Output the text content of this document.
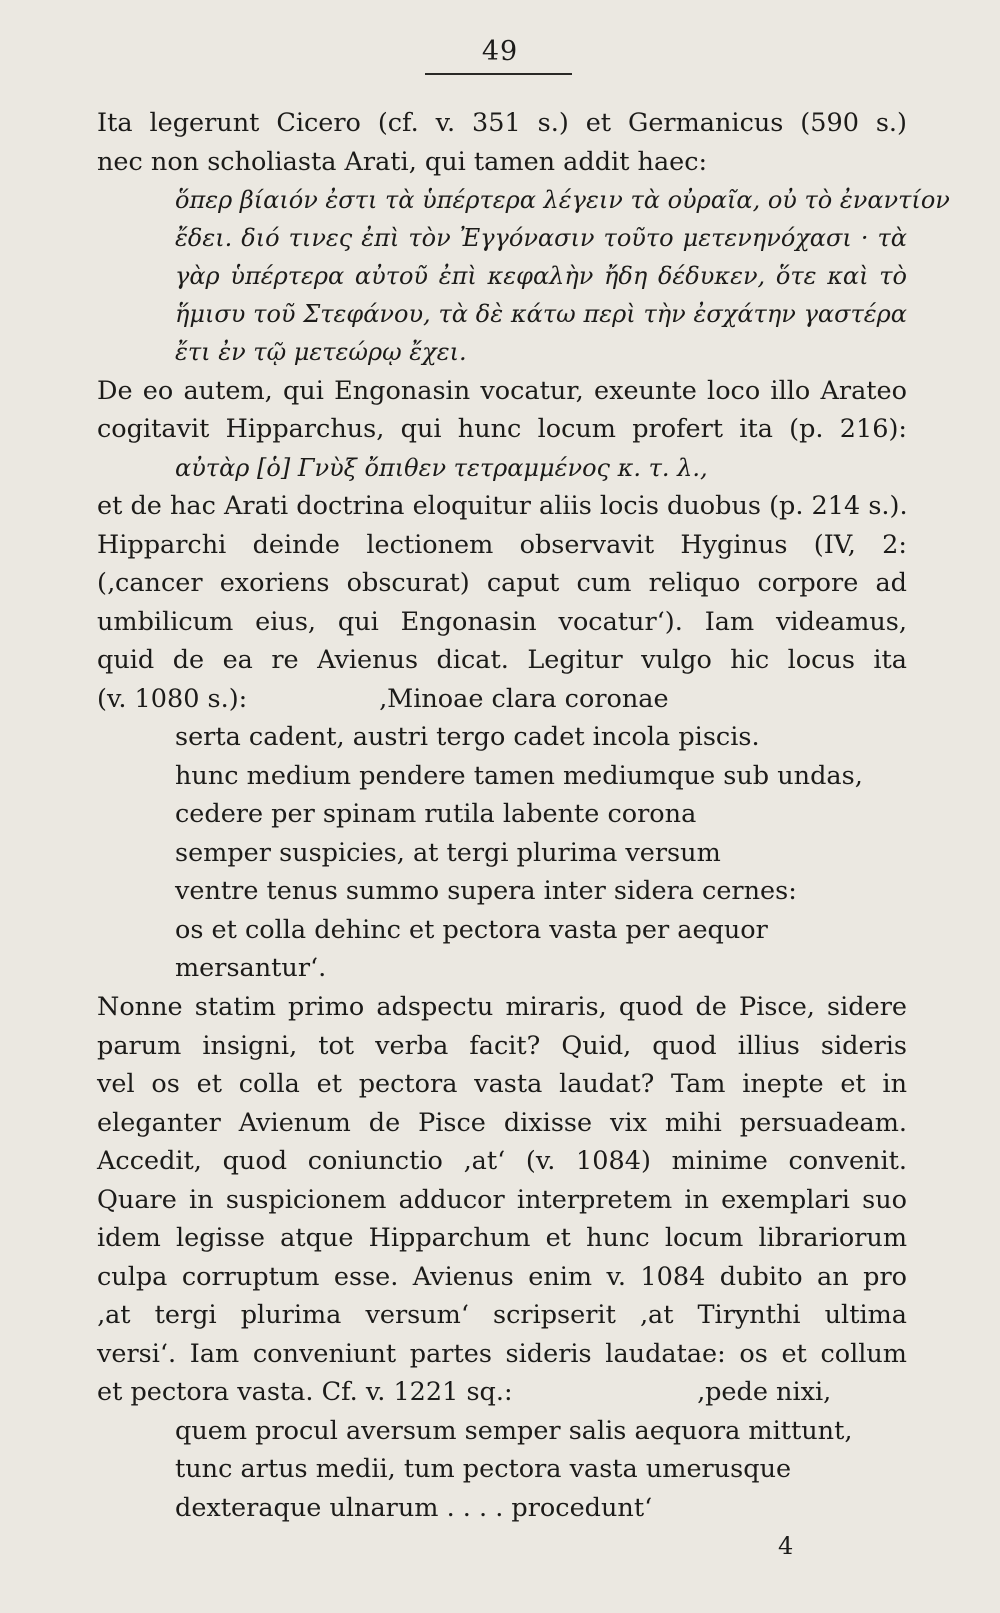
49
Ita legerunt Cicero (cf. v. 351 s.) et Germanicus (590 s.)
nec non scholiasta Arati, qui tamen addit haec:
ὅπερ βίαιόν ἐστι τὰ ὑπέρτερα λέγειν τὰ οὐραῖα, οὐ τὸ ἐναντίον
ἔδει. διό τινες ἐπὶ τὸν Ἐγγόνασιν τοῦτο μετενηνόχασι · τὰ
γὰρ ὑπέρτερα αὐτοῦ ἐπὶ κεφαλὴν ἤδη δέδυκεν, ὅτε καὶ τὸ
ἥμισυ τοῦ Στεφάνου, τὰ δὲ κάτω περὶ τὴν ἐσχάτην γαστέρα
ἔτι ἐν τῷ μετεώρῳ ἔχει.
De eo autem, qui Engonasin vocatur, exeunte loco illo Arateo
cogitavit Hipparchus, qui hunc locum profert ita (p. 216):
αὐτὰρ [ὁ] Γνὺξ ὄπιθεν τετραμμένος κ. τ. λ.,
et de hac Arati doctrina eloquitur aliis locis duobus (p. 214 s.).
Hipparchi deinde lectionem observavit Hyginus (IV, 2:
(‚cancer exoriens obscurat) caput cum reliquo corpore ad
umbilicum eius, qui Engonasin vocatur‘). Iam videamus,
quid de ea re Avienus dicat. Legitur vulgo hic locus ita
(v. 1080 s.):	‚Minoae clara coronae
serta cadent, austri tergo cadet incola piscis.
hunc medium pendere tamen mediumque sub undas,
cedere per spinam rutila labente corona
semper suspicies, at tergi plurima versum
ventre tenus summo supera inter sidera cernes:
os et colla dehinc et pectora vasta per aequor
mersantur‘.
Nonne statim primo adspectu miraris, quod de Pisce, sidere
parum insigni, tot verba facit? Quid, quod illius sideris
vel os et colla et pectora vasta laudat? Tam inepte et in
eleganter Avienum de Pisce dixisse vix mihi persuadeam.
Accedit, quod coniunctio ‚at‘ (v. 1084) minime convenit.
Quare in suspicionem adducor interpretem in exemplari suo
idem legisse atque Hipparchum et hunc locum librariorum
culpa corruptum esse. Avienus enim v. 1084 dubito an pro
‚at tergi plurima versum‘ scripserit ‚at Tirynthi ultima
versi‘. Iam conveniunt partes sideris laudatae: os et collum
et pectora vasta. Cf. v. 1221 sq.:	‚pede nixi,
quem procul aversum semper salis aequora mittunt,
tunc artus medii, tum pectora vasta umerusque
dexteraque ulnarum . . . . procedunt‘
4
